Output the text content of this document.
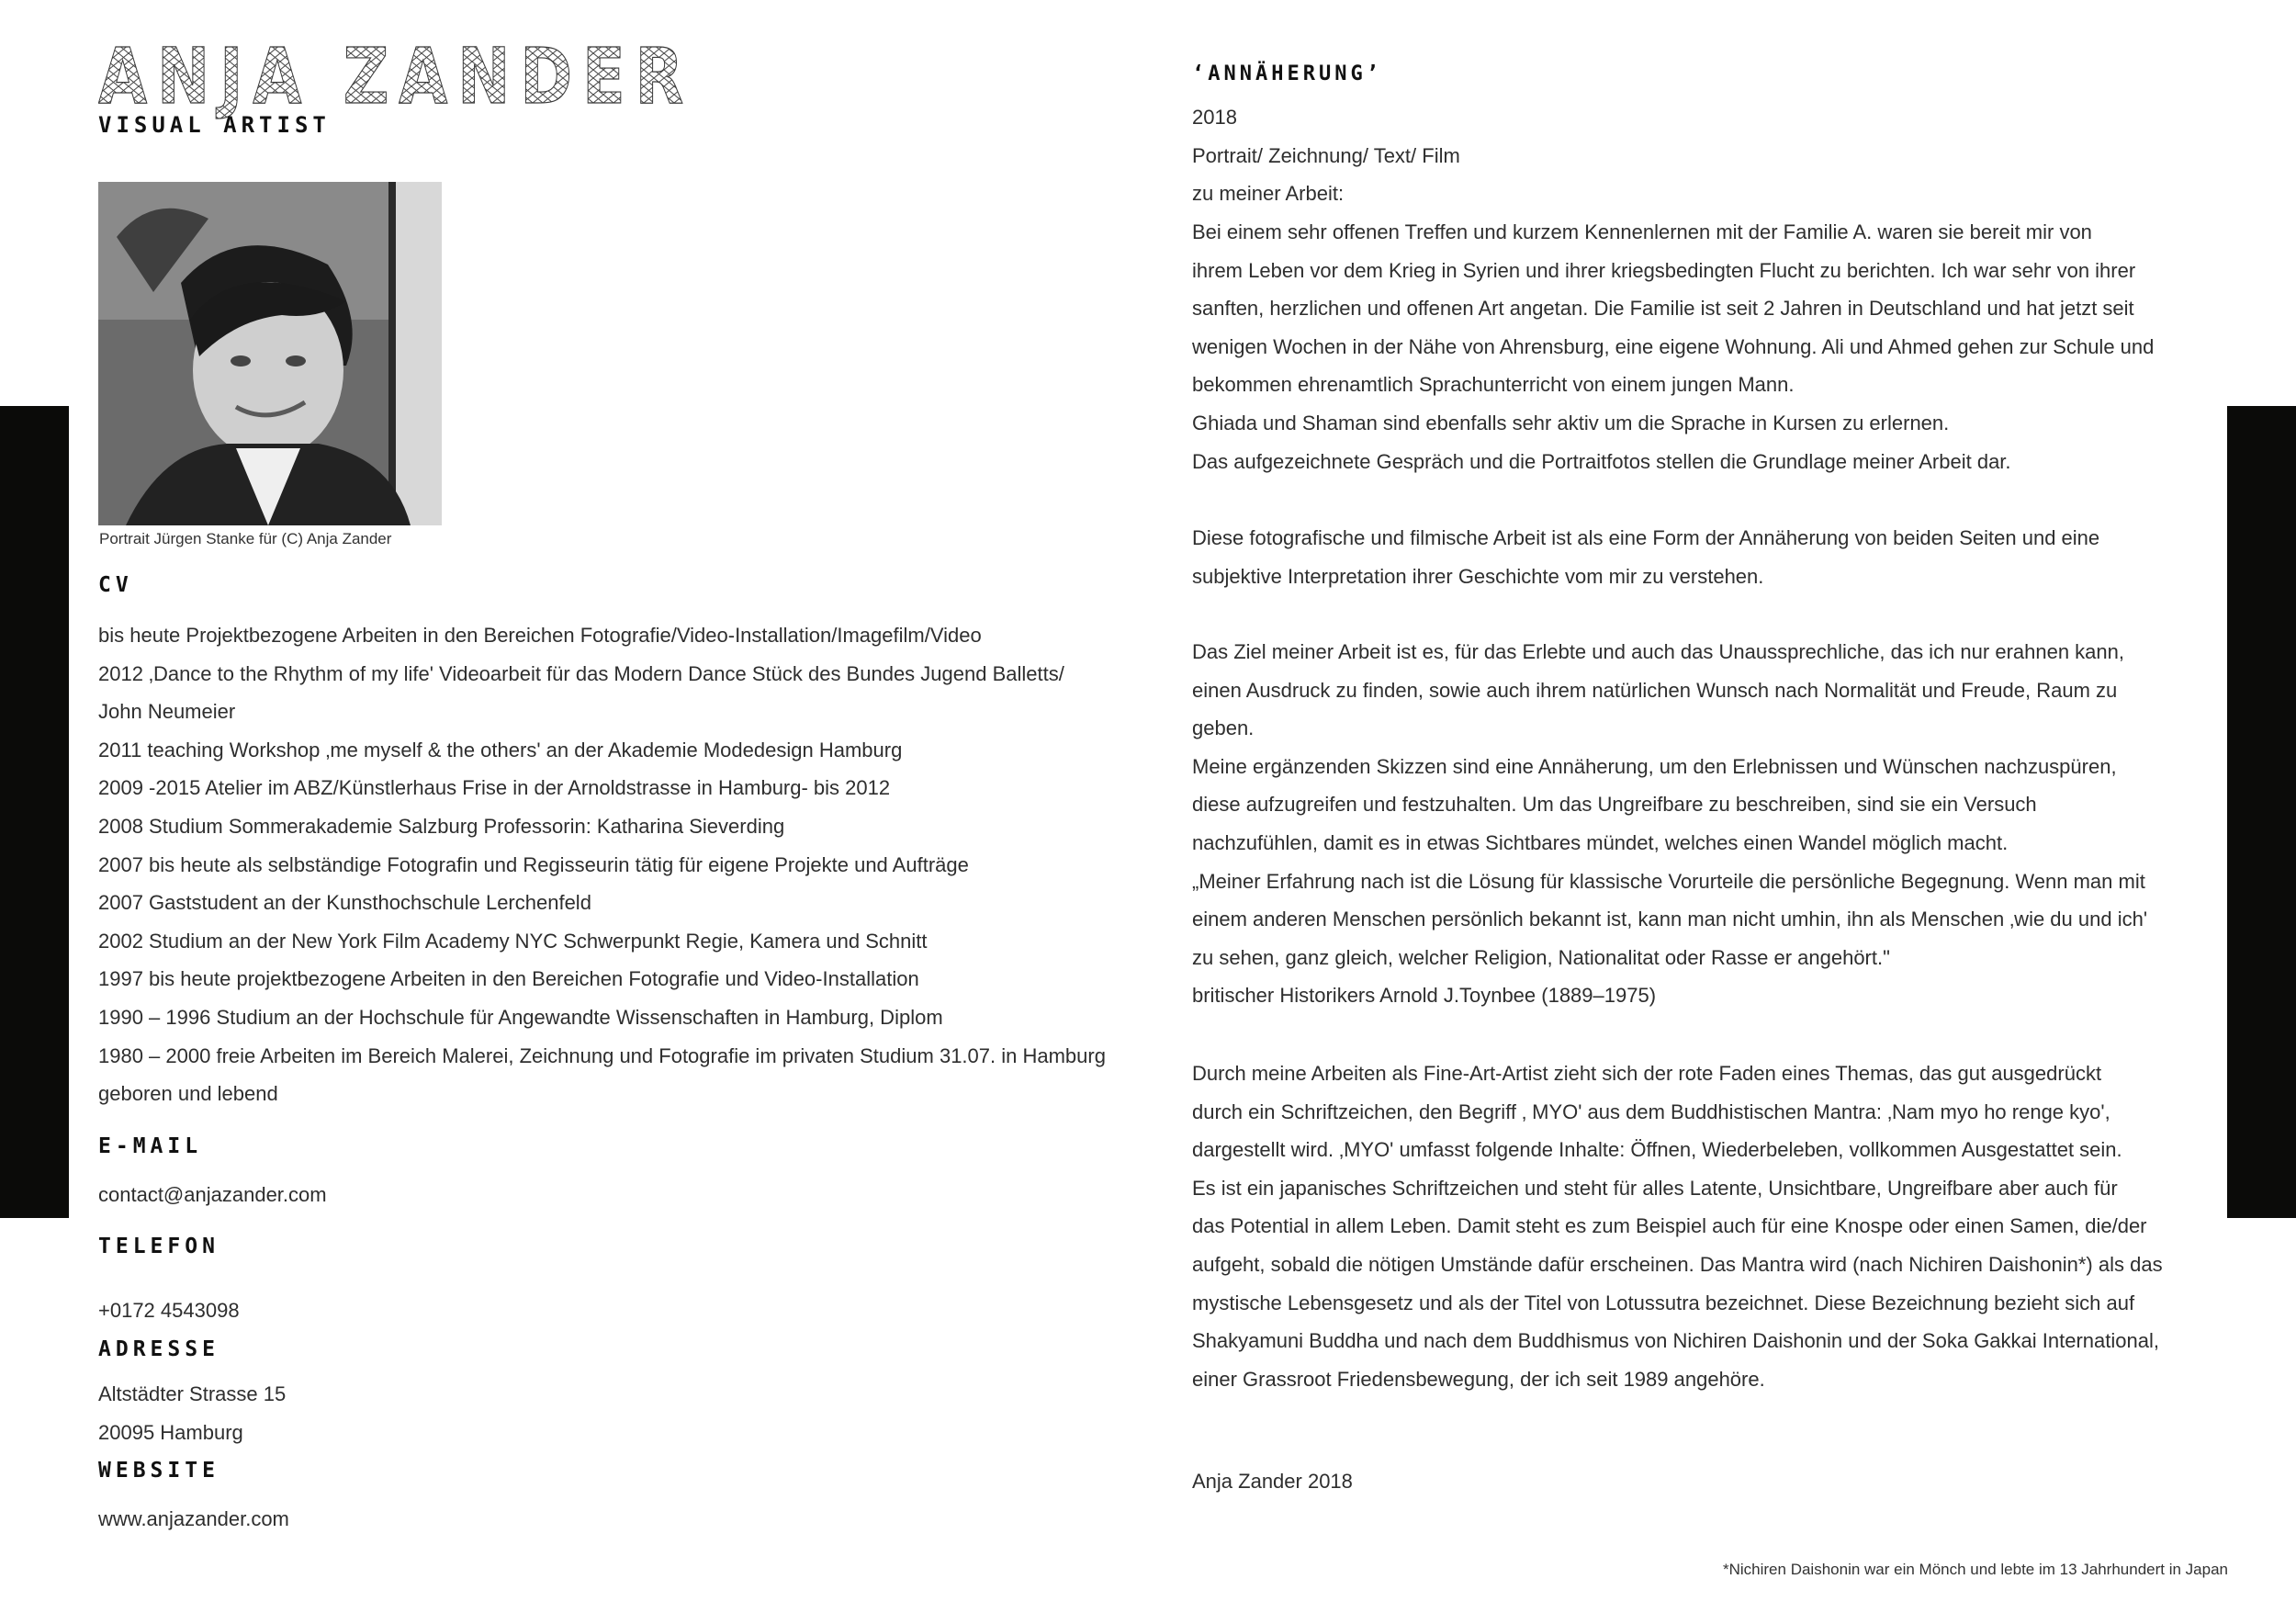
ANJA ZANDER
VISUAL ARTIST
Portrait Jürgen Stanke für (C) Anja Zander
CV
bis heute Projektbezogene Arbeiten in den Bereichen Fotografie/Video-Installation/Imagefilm/Video
2012 ‚Dance to the Rhythm of my life' Videoarbeit für das Modern Dance Stück des Bundes Jugend Balletts/
John Neumeier
2011 teaching Workshop ‚me myself & the others' an der Akademie Modedesign Hamburg
2009 -2015 Atelier im ABZ/Künstlerhaus Frise in der Arnoldstrasse in Hamburg- bis 2012
2008 Studium Sommerakademie Salzburg Professorin: Katharina Sieverding
2007 bis heute als selbständige Fotografin und Regisseurin tätig für eigene Projekte und Aufträge
2007 Gaststudent an der Kunsthochschule Lerchenfeld
2002 Studium an der New York Film Academy NYC Schwerpunkt Regie, Kamera und Schnitt
1997 bis heute projektbezogene Arbeiten in den Bereichen Fotografie und Video-Installation
1990 – 1996 Studium an der Hochschule für Angewandte Wissenschaften in Hamburg, Diplom
1980 – 2000 freie Arbeiten im Bereich Malerei, Zeichnung und Fotografie im privaten Studium 31.07. in Hamburg
geboren und lebend
E-MAIL
contact@anjazander.com
TELEFON
+0172 4543098
ADRESSE
Altstädter Strasse 15
20095 Hamburg
WEBSITE
www.anjazander.com
‘ANNÄHERUNG’
2018
Portrait/ Zeichnung/ Text/ Film
zu meiner Arbeit:

Bei einem sehr offenen Treffen und kurzem Kennenlernen mit der Familie A. waren sie bereit mir von

ihrem Leben vor dem Krieg in Syrien und ihrer kriegsbedingten Flucht zu berichten. Ich war sehr von ihrer

sanften, herzlichen und offenen Art angetan. Die Familie ist seit 2 Jahren in Deutschland und hat jetzt seit

wenigen Wochen in der Nähe von Ahrensburg, eine eigene Wohnung. Ali und Ahmed gehen zur Schule und

bekommen ehrenamtlich Sprachunterricht von einem jungen Mann.

Ghiada und Shaman sind ebenfalls sehr aktiv um die Sprache in Kursen zu erlernen.

Das aufgezeichnete Gespräch und die Portraitfotos stellen die Grundlage meiner Arbeit dar.

Diese fotografische und filmische Arbeit ist als eine Form der Annäherung von beiden Seiten und eine

subjektive Interpretation ihrer Geschichte vom mir zu verstehen.

Das Ziel meiner Arbeit ist es, für das Erlebte und auch das Unaussprechliche, das ich nur erahnen kann,

einen Ausdruck zu finden, sowie auch ihrem natürlichen Wunsch nach Normalität und Freude, Raum zu

geben.

Meine ergänzenden Skizzen sind eine Annäherung, um den Erlebnissen und Wünschen nachzuspüren,

diese aufzugreifen und festzuhalten. Um das Ungreifbare zu beschreiben, sind sie ein Versuch

nachzufühlen, damit es in etwas Sichtbares mündet, welches einen Wandel möglich macht.

„Meiner Erfahrung nach ist die Lösung für klassische Vorurteile die persönliche Begegnung. Wenn man mit

einem anderen Menschen persönlich bekannt ist, kann man nicht umhin, ihn als Menschen ‚wie du und ich'

zu sehen, ganz gleich, welcher Religion, Nationalitat oder Rasse er angehört."

britischer Historikers Arnold J.Toynbee (1889–1975)

Durch meine Arbeiten als Fine-Art-Artist zieht sich der rote Faden eines Themas, das gut ausgedrückt

durch ein Schriftzeichen, den Begriff ‚ MYO' aus dem Buddhistischen Mantra: ‚Nam myo ho renge kyo',

dargestellt wird. ‚MYO' umfasst folgende Inhalte: Öffnen, Wiederbeleben, vollkommen Ausgestattet sein.

Es ist ein japanisches Schriftzeichen und steht für alles Latente, Unsichtbare, Ungreifbare aber auch für

das Potential in allem Leben. Damit steht es zum Beispiel auch für eine Knospe oder einen Samen, die/der

aufgeht, sobald die nötigen Umstände dafür erscheinen. Das Mantra wird (nach Nichiren Daishonin*) als das

mystische Lebensgesetz und als der Titel von Lotussutra bezeichnet. Diese Bezeichnung bezieht sich auf

Shakyamuni Buddha und nach dem Buddhismus von Nichiren Daishonin und der Soka Gakkai International,

einer Grassroot Friedensbewegung, der ich seit 1989 angehöre.

Anja Zander 2018
*Nichiren Daishonin war ein Mönch und lebte im 13 Jahrhundert in Japan
